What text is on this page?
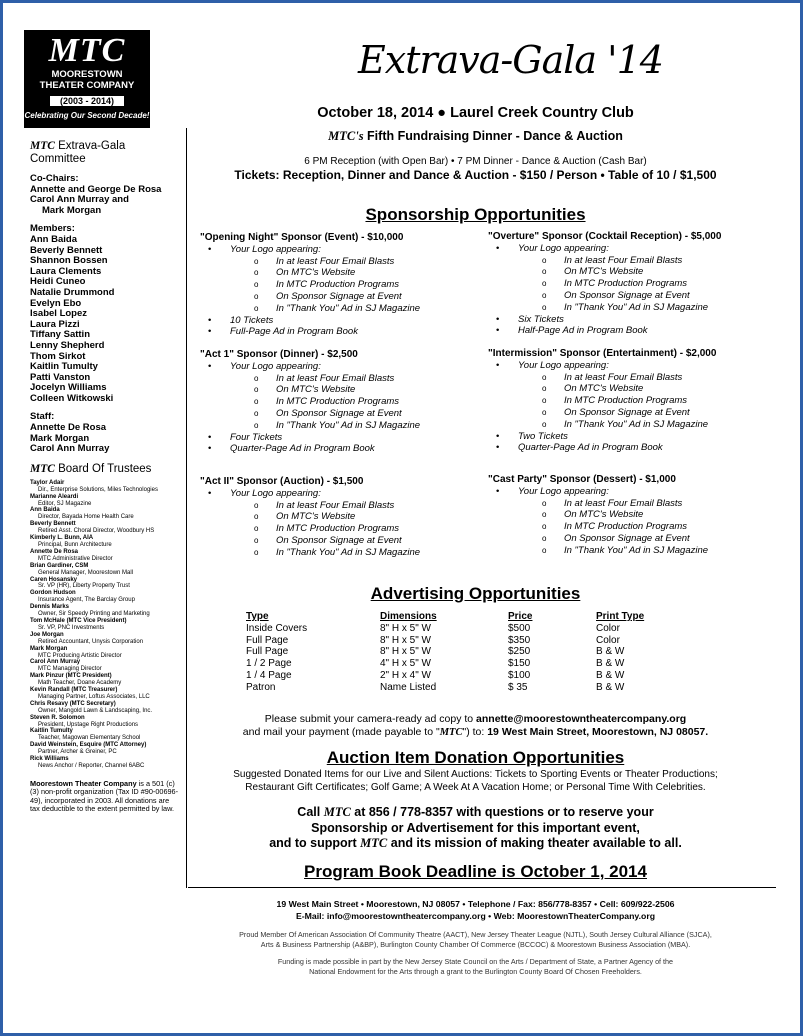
MTC
MOORESTOWN
THEATER COMPANY
(2003 - 2014)
Celebrating Our Second Decade!
MTC Extrava-Gala
Committee
Co-Chairs:
Annette and George De Rosa
Carol Ann Murray and
Mark Morgan
Members:
Ann Baida
Beverly Bennett
Shannon Bossen
Laura Clements
Heidi Cuneo
Natalie Drummond
Evelyn Ebo
Isabel Lopez
Laura Pizzi
Tiffany Sattin
Lenny Shepherd
Thom Sirkot
Kaitlin Tumulty
Patti Vanston
Jocelyn Williams
Colleen Witkowski
Staff:
Annette De Rosa
Mark Morgan
Carol Ann Murray
MTC Board Of Trustees
Taylor Adair
Dir., Enterprise Solutions, Miles Technologies
Marianne Aleardi
Editor, SJ Magazine
Ann Baida
Director, Bayada Home Health Care
Beverly Bennett
Retired Asst. Choral Director, Woodbury HS
Kimberly L. Bunn, AIA
Principal, Bunn Architecture
Annette De Rosa
MTC Administrative Director
Brian Gardiner, CSM
General Manager, Moorestown Mall
Caren Hosansky
Sr. VP (HR), Liberty Property Trust
Gordon Hudson
Insurance Agent, The Barclay Group
Dennis Marks
Owner, Sir Speedy Printing and Marketing
Tom McHale (MTC Vice President)
Sr. VP, PNC Investments
Joe Morgan
Retired Accountant, Unysis Corporation
Mark Morgan
MTC Producing Artistic Director
Carol Ann Murray
MTC Managing Director
Mark Pinzur (MTC President)
Math Teacher, Doane Academy
Kevin Randall (MTC Treasurer)
Managing Partner, Loftus Associates, LLC
Chris Resavy (MTC Secretary)
Owner, Mangold Lawn & Landscaping, Inc.
Steven R. Solomon
President, Upstage Right Productions
Kaitlin Tumulty
Teacher, Magowan Elementary School
David Weinstein, Esquire (MTC Attorney)
Partner, Archer & Greiner, PC
Rick Williams
News Anchor / Reporter, Channel 6ABC
Moorestown Theater Company is a 501 (c)(3) non-profit organization (Tax ID #90-00696-49), incorporated in 2003. All donations are tax deductible to the extent permitted by law.
Extrava-Gala '14
October 18, 2014 ● Laurel Creek Country Club
MTC's Fifth Fundraising Dinner - Dance & Auction
6 PM Reception (with Open Bar) • 7 PM Dinner - Dance & Auction (Cash Bar)
Tickets: Reception, Dinner and Dance & Auction - $150 / Person • Table of 10 / $1,500
Sponsorship Opportunities
"Opening Night" Sponsor (Event) - $10,000
• Your Logo appearing:
o In at least Four Email Blasts
o On MTC's Website
o In MTC Production Programs
o On Sponsor Signage at Event
o In "Thank You" Ad in SJ Magazine
• 10 Tickets
• Full-Page Ad in Program Book
"Overture" Sponsor (Cocktail Reception) - $5,000
• Your Logo appearing:
o In at least Four Email Blasts
o On MTC's Website
o In MTC Production Programs
o On Sponsor Signage at Event
o In "Thank You" Ad in SJ Magazine
• Six Tickets
• Half-Page Ad in Program Book
"Act 1" Sponsor (Dinner) - $2,500
• Your Logo appearing:
o In at least Four Email Blasts
o On MTC's Website
o In MTC Production Programs
o On Sponsor Signage at Event
o In "Thank You" Ad in SJ Magazine
• Four Tickets
• Quarter-Page Ad in Program Book
"Intermission" Sponsor (Entertainment) - $2,000
• Your Logo appearing:
o In at least Four Email Blasts
o On MTC's Website
o In MTC Production Programs
o On Sponsor Signage at Event
o In "Thank You" Ad in SJ Magazine
• Two Tickets
• Quarter-Page Ad in Program Book
"Act II" Sponsor (Auction) - $1,500
• Your Logo appearing:
o In at least Four Email Blasts
o On MTC's Website
o In MTC Production Programs
o On Sponsor Signage at Event
o In "Thank You" Ad in SJ Magazine
"Cast Party" Sponsor (Dessert) - $1,000
• Your Logo appearing:
o In at least Four Email Blasts
o On MTC's Website
o In MTC Production Programs
o On Sponsor Signage at Event
o In "Thank You" Ad in SJ Magazine
Advertising Opportunities
Type	Dimensions	Price	Print Type
Inside Covers	8" H x 5" W	$500	Color
Full Page	8" H x 5" W	$350	Color
Full Page	8" H x 5" W	$250	B & W
1 / 2 Page	4" H x 5" W	$150	B & W
1 / 4 Page	2" H x 4" W	$100	B & W
Patron	Name Listed	$ 35	B & W
Please submit your camera-ready ad copy to annette@moorestowntheatercompany.org
and mail your payment (made payable to "MTC") to: 19 West Main Street, Moorestown, NJ 08057.
Auction Item Donation Opportunities
Suggested Donated Items for our Live and Silent Auctions: Tickets to Sporting Events or Theater Productions;
Restaurant Gift Certificates; Golf Game; A Week At A Vacation Home; or Personal Time With Celebrities.
Call MTC at 856 / 778-8357 with questions or to reserve your
Sponsorship or Advertisement for this important event,
and to support MTC and its mission of making theater available to all.
Program Book Deadline is October 1, 2014
19 West Main Street • Moorestown, NJ 08057 • Telephone / Fax: 856/778-8357 • Cell: 609/922-2506
E-Mail: info@moorestowntheatercompany.org • Web: MoorestownTheaterCompany.org
Proud Member Of American Association Of Community Theatre (AACT), New Jersey Theater League (NJTL), South Jersey Cultural Alliance (SJCA),
Arts & Business Partnership (A&BP), Burlington County Chamber Of Commerce (BCCOC) & Moorestown Business Association (MBA).
Funding is made possible in part by the New Jersey State Council on the Arts / Department of State, a Partner Agency of the
National Endowment for the Arts through a grant to the Burlington County Board Of Chosen Freeholders.
